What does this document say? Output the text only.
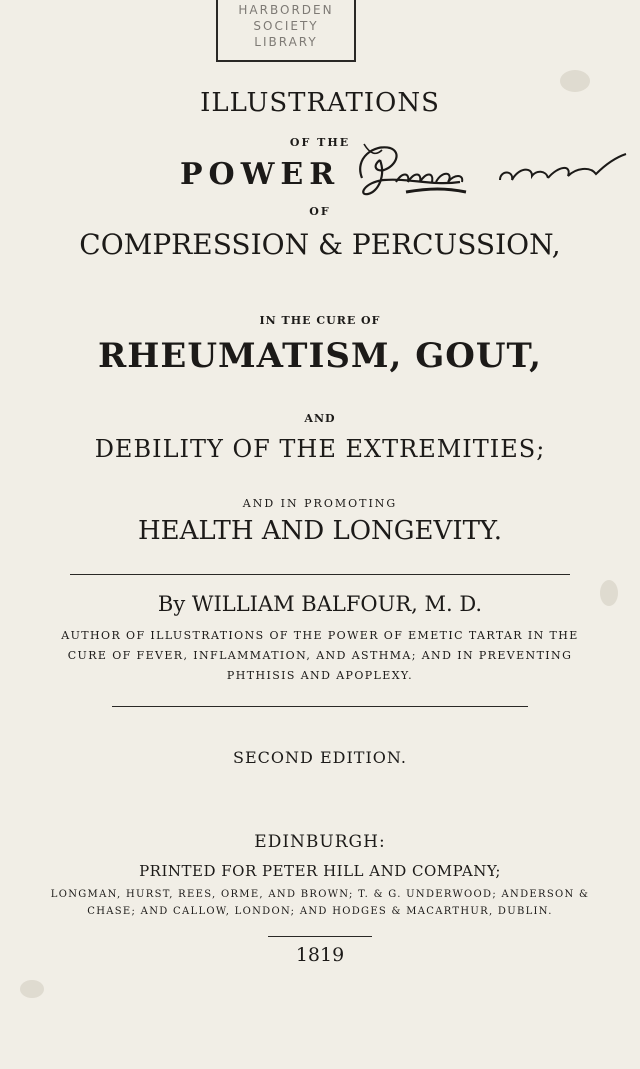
HARBORDEN
SOCIETY
LIBRARY
ILLUSTRATIONS
OF THE
POWER
OF
COMPRESSION & PERCUSSION,
IN THE CURE OF
RHEUMATISM, GOUT,
AND
DEBILITY OF THE EXTREMITIES;
AND IN PROMOTING
HEALTH AND LONGEVITY.
By WILLIAM BALFOUR, M. D.
AUTHOR OF ILLUSTRATIONS OF THE POWER OF EMETIC TARTAR IN THE CURE OF FEVER, INFLAMMATION, AND ASTHMA; AND IN PREVENTING PHTHISIS AND APOPLEXY.
SECOND EDITION.
EDINBURGH:
PRINTED FOR PETER HILL AND COMPANY;
LONGMAN, HURST, REES, ORME, AND BROWN; T. & G. UNDERWOOD; ANDERSON & CHASE; AND CALLOW, LONDON; AND HODGES & MACARTHUR, DUBLIN.
1819
